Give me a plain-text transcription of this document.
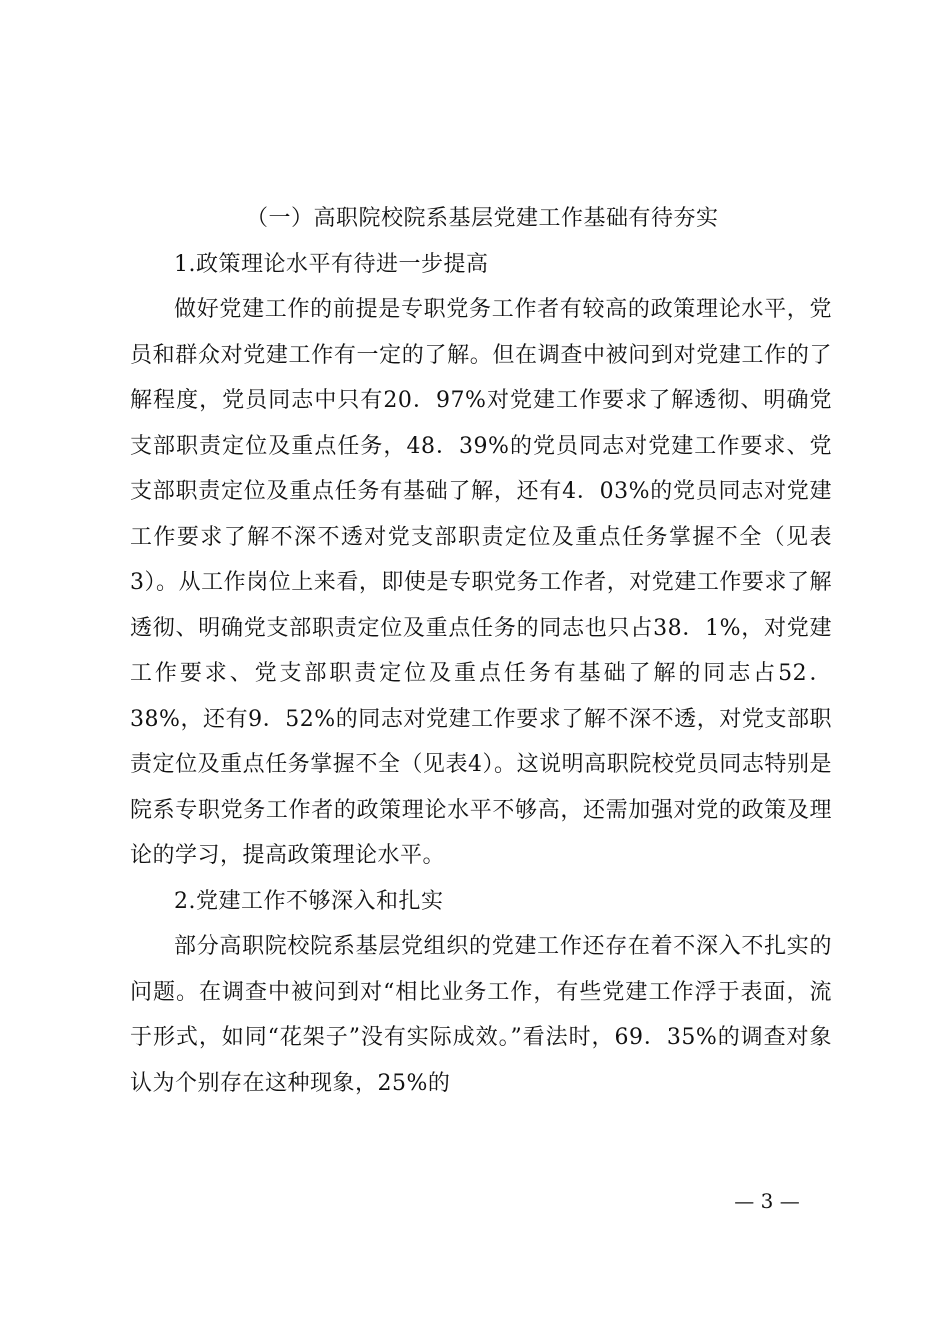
（一）高职院校院系基层党建工作基础有待夯实

1.政策理论水平有待进一步提高

做好党建工作的前提是专职党务工作者有较高的政策理论水平，党员和群众对党建工作有一定的了解。但在调查中被问到对党建工作的了解程度，党员同志中只有20．97%对党建工作要求了解透彻、明确党支部职责定位及重点任务，48．39%的党员同志对党建工作要求、党支部职责定位及重点任务有基础了解，还有4．03%的党员同志对党建工作要求了解不深不透对党支部职责定位及重点任务掌握不全（见表3）。从工作岗位上来看，即使是专职党务工作者，对党建工作要求了解透彻、明确党支部职责定位及重点任务的同志也只占38．1%，对党建工作要求、党支部职责定位及重点任务有基础了解的同志占52．38%，还有9．52%的同志对党建工作要求了解不深不透，对党支部职责定位及重点任务掌握不全（见表4）。这说明高职院校党员同志特别是院系专职党务工作者的政策理论水平不够高，还需加强对党的政策及理论的学习，提高政策理论水平。

2.党建工作不够深入和扎实

部分高职院校院系基层党组织的党建工作还存在着不深入不扎实的问题。在调查中被问到对“相比业务工作，有些党建工作浮于表面，流于形式，如同“花架子”没有实际成效。”看法时，69．35%的调查对象认为个别存在这种现象，25%的

— 3 —
